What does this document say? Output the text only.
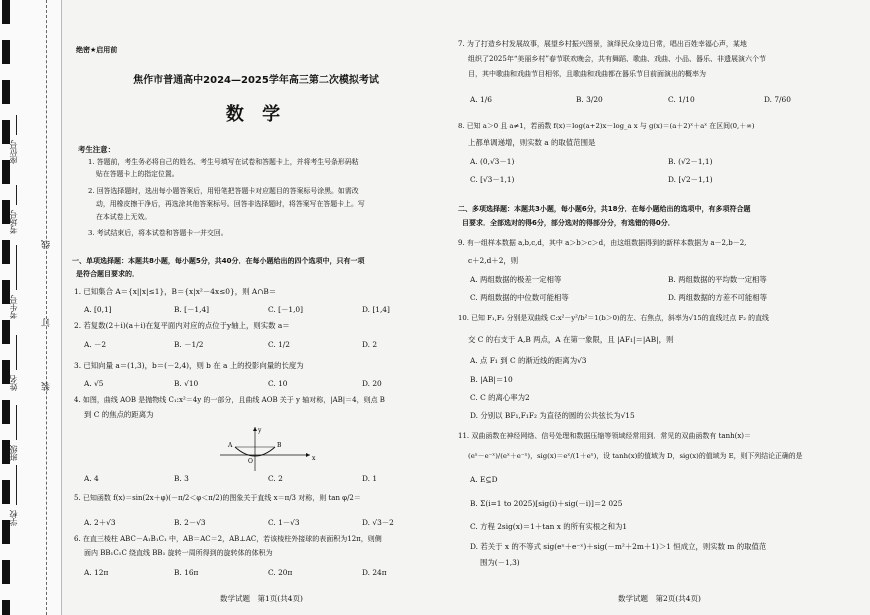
座位号
考场号
考生号
姓名
班级
学校
线
订
装
绝密★启用前
焦作市普通高中2024—2025学年高三第二次模拟考试
数 学
考生注意：
1. 答题前，考生务必将自己的姓名、考生号填写在试卷和答题卡上，并将考生号条形码粘
贴在答题卡上的指定位置。
2. 回答选择题时，选出每小题答案后，用铅笔把答题卡对应题目的答案标号涂黑。如需改
动，用橡皮擦干净后，再选涂其他答案标号。回答非选择题时，将答案写在答题卡上。写
在本试卷上无效。
3. 考试结束后，将本试卷和答题卡一并交回。
一、单项选择题：本题共8小题，每小题5分，共40分．在每小题给出的四个选项中，只有一项
是符合题目要求的．
1. 已知集合 A＝{x||x|≤1}，B＝{x|x²－4x≤0}，则 A∩B＝
A. [0,1]	B. [－1,4]	C. [－1,0]	D. [1,4]
2. 若复数(2＋i)(a＋i)在复平面内对应的点位于y轴上，则实数 a＝
A. －2	B. －1/2	C. 1/2	D. 2
3. 已知向量 a＝(1,3)，b＝(－2,4)，则 b 在 a 上的投影向量的长度为
A. √5	B. √10	C. 10	D. 20
4. 如图，曲线 AOB 是抛物线 C₁:x²＝4y 的一部分，且曲线 AOB 关于 y 轴对称，|AB|＝4，则点 B
到 C 的焦点的距离为
A	B
O	x
y
A. 4	B. 3	C. 2	D. 1
5. 已知函数 f(x)＝sin(2x＋φ)(－π/2＜φ＜π/2)的图象关于直线 x＝π/3 对称，则 tan φ/2＝
A. 2＋√3	B. 2－√3	C. 1－√3	D. √3－2
6. 在直三棱柱 ABC－A₁B₁C₁ 中，AB＝AC＝2，AB⊥AC，若该棱柱外接球的表面积为12π，则侧
面内 BB₁C₁C 绕直线 BB₁ 旋转一周所得到的旋转体的体积为
A. 12π	B. 16π	C. 20π	D. 24π
数学试题　第1页(共4页)
7. 为了打造乡村发展故事，展望乡村振兴图景，演绎民众身边日常，唱出百姓幸福心声，某地
组织了2025年“美丽乡村”春节联欢晚会，共有舞蹈、歌曲、戏曲、小品、器乐、非遗展演六个节
目，其中歌曲和戏曲节目相邻，且歌曲和戏曲都在器乐节目前面演出的概率为
A. 1/6	B. 3/20	C. 1/10	D. 7/60
8. 已知 a＞0 且 a≠1，若函数 f(x)＝log(a+2)x－log_a x 与 g(x)＝(a＋2)ˣ＋aˣ 在区间(0,＋∞)
上都单调递增，则实数 a 的取值范围是
A. (0,√3－1)	B. (√2－1,1)
C. [√3－1,1)	D. [√2－1,1)
二、多项选择题：本题共3小题，每小题6分，共18分．在每小题给出的选项中，有多项符合题
目要求．全部选对的得6分，部分选对的得部分分，有选错的得0分．
9. 有一组样本数据 a,b,c,d，其中 a＞b＞c＞d，由这组数据得到的新样本数据为 a－2,b－2,
c＋2,d＋2，则
A. 两组数据的极差一定相等	B. 两组数据的平均数一定相等
C. 两组数据的中位数可能相等	D. 两组数据的方差不可能相等
10. 已知 F₁,F₂ 分别是双曲线 C:x²－y²/b²＝1(b＞0)的左、右焦点，斜率为√15的直线过点 F₂ 的直线
交 C 的右支于 A,B 两点，A 在第一象限，且 |AF₁|＝|AB|，则
A. 点 F₁ 到 C 的渐近线的距离为√3
B. |AB|＝10
C. C 的离心率为2
D. 分别以 BF₁,F₁F₂ 为直径的圆的公共弦长为√15
11. 双曲函数在神经网络、信号处理和数据压缩等领域经常用到．常见的双曲函数有 tanh(x)＝
(eˣ－e⁻ˣ)/(eˣ＋e⁻ˣ)，sig(x)＝eˣ/(1＋eˣ)，设 tanh(x)的值域为 D，sig(x)的值域为 E，则下列结论正确的是
A. E⊆D
B. Σ(i=1 to 2025)[sig(i)＋sig(－i)]＝2 025
C. 方程 2sig(x)＝1＋tan x 的所有实根之和为1
D. 若关于 x 的不等式 sig(eˣ＋e⁻ˣ)＋sig(－m²＋2m＋1)＞1 恒成立，则实数 m 的取值范
围为(－1,3)
数学试题　第2页(共4页)
